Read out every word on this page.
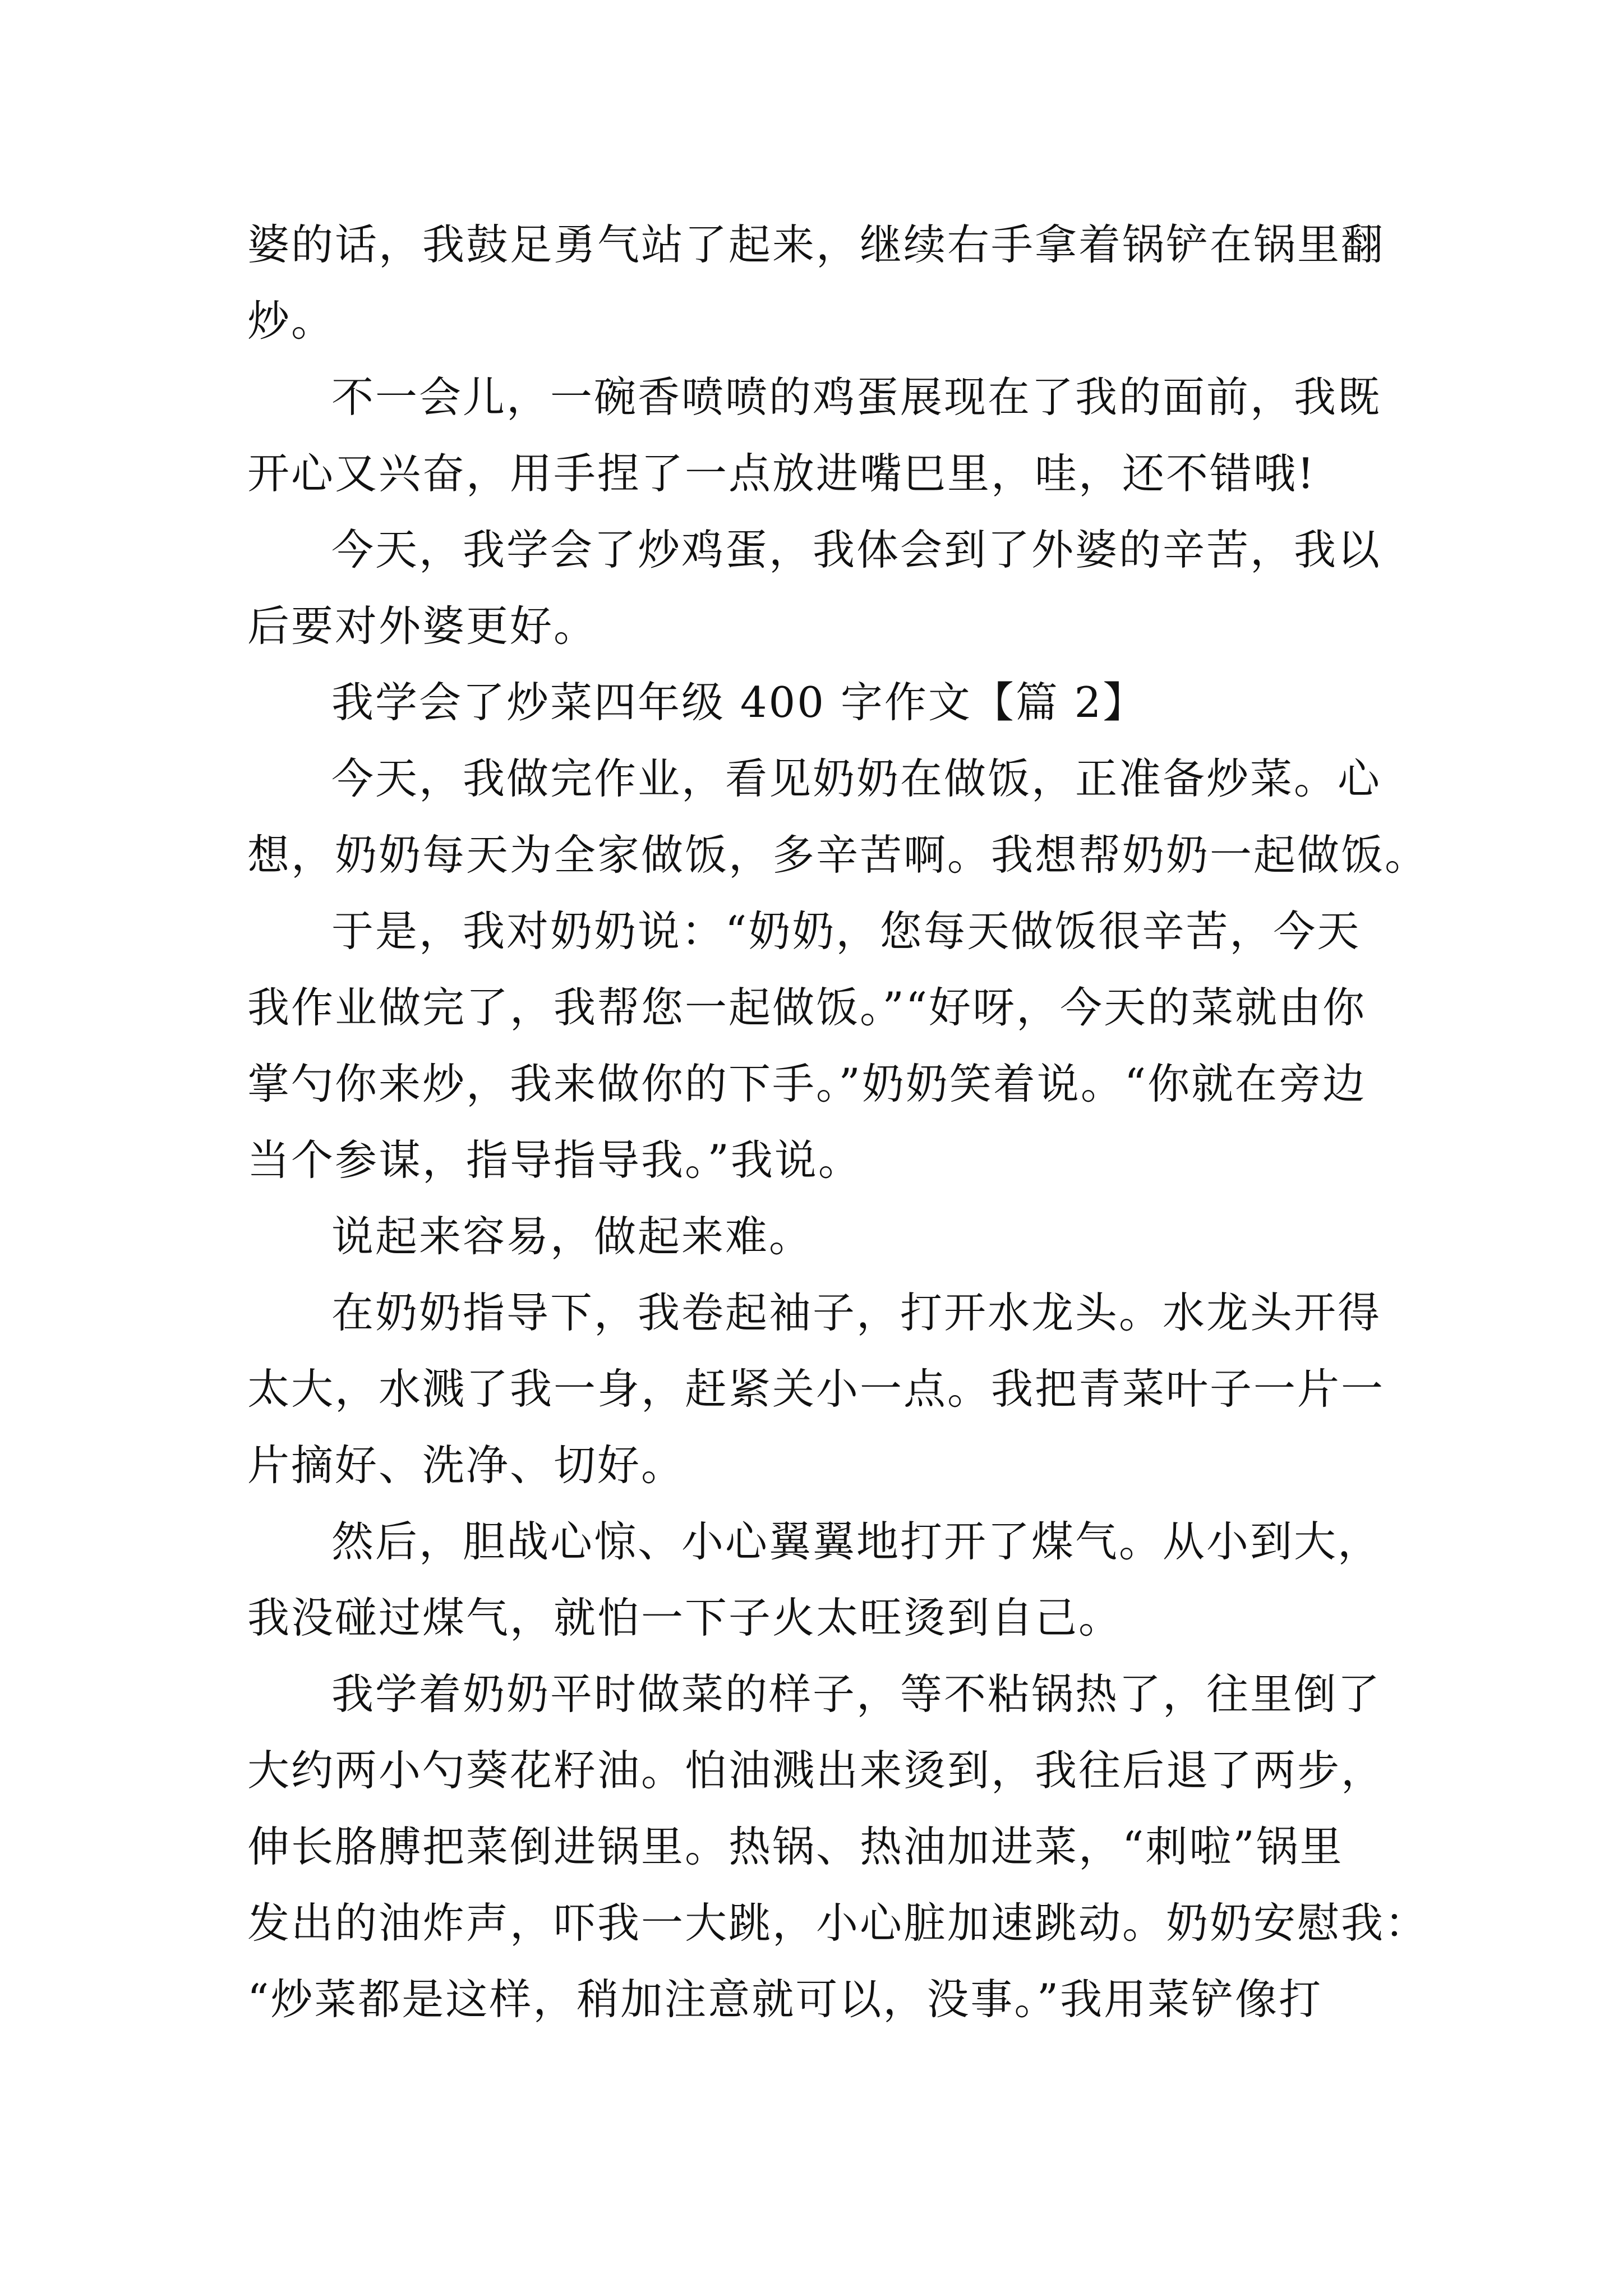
婆的话，我鼓足勇气站了起来，继续右手拿着锅铲在锅里翻
炒。
不一会儿，一碗香喷喷的鸡蛋展现在了我的面前，我既
开心又兴奋，用手捏了一点放进嘴巴里，哇，还不错哦!
今天，我学会了炒鸡蛋，我体会到了外婆的辛苦，我以
后要对外婆更好。
我学会了炒菜四年级 400 字作文【篇 2】
今天，我做完作业，看见奶奶在做饭，正准备炒菜。心
想，奶奶每天为全家做饭，多辛苦啊。我想帮奶奶一起做饭。
于是，我对奶奶说：“奶奶，您每天做饭很辛苦，今天
我作业做完了，我帮您一起做饭。”“好呀，今天的菜就由你
掌勺你来炒，我来做你的下手。”奶奶笑着说。“你就在旁边
当个参谋，指导指导我。”我说。
说起来容易，做起来难。
在奶奶指导下，我卷起袖子，打开水龙头。水龙头开得
太大，水溅了我一身，赶紧关小一点。我把青菜叶子一片一
片摘好、洗净、切好。
然后，胆战心惊、小心翼翼地打开了煤气。从小到大，
我没碰过煤气，就怕一下子火太旺烫到自己。
我学着奶奶平时做菜的样子，等不粘锅热了，往里倒了
大约两小勺葵花籽油。怕油溅出来烫到，我往后退了两步，
伸长胳膊把菜倒进锅里。热锅、热油加进菜，“刺啦”锅里
发出的油炸声，吓我一大跳，小心脏加速跳动。奶奶安慰我：
“炒菜都是这样，稍加注意就可以，没事。”我用菜铲像打
